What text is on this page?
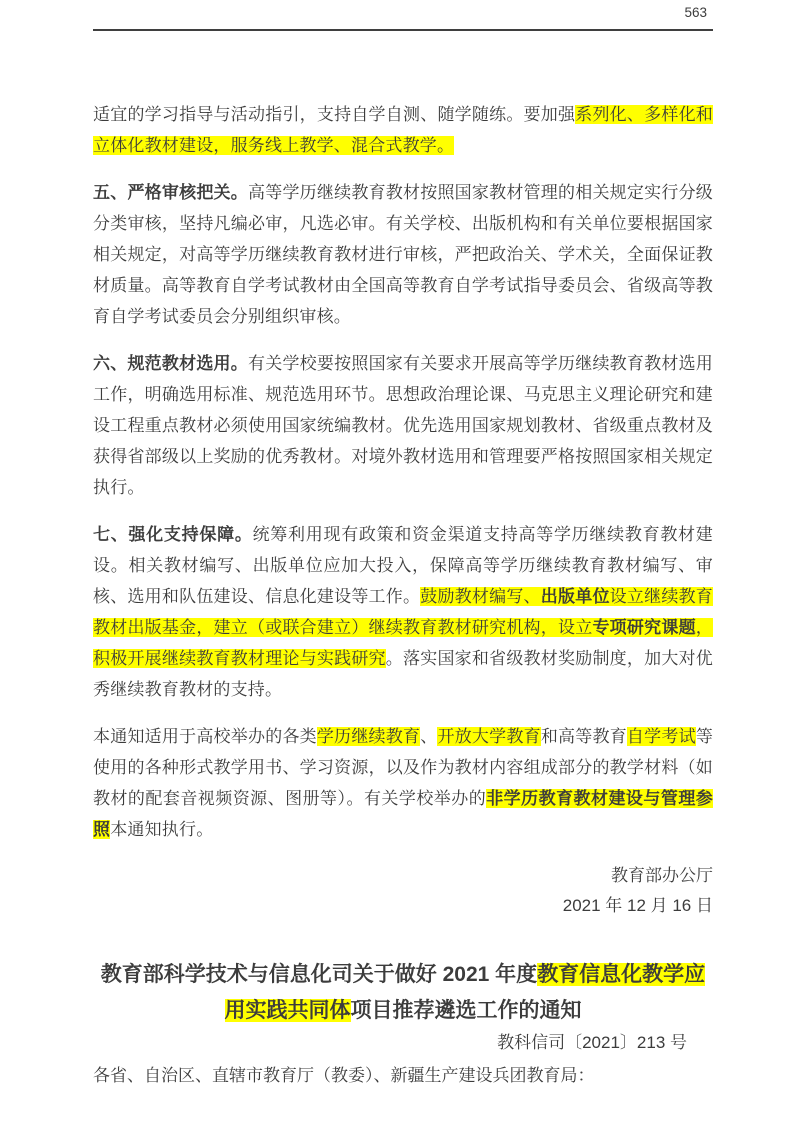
563

适宜的学习指导与活动指引，支持自学自测、随学随练。要加强系列化、多样化和立体化教材建设，服务线上教学、混合式教学。

五、严格审核把关。高等学历继续教育教材按照国家教材管理的相关规定实行分级分类审核，坚持凡编必审，凡选必审。有关学校、出版机构和有关单位要根据国家相关规定，对高等学历继续教育教材进行审核，严把政治关、学术关，全面保证教材质量。高等教育自学考试教材由全国高等教育自学考试指导委员会、省级高等教育自学考试委员会分别组织审核。

六、规范教材选用。有关学校要按照国家有关要求开展高等学历继续教育教材选用工作，明确选用标准、规范选用环节。思想政治理论课、马克思主义理论研究和建设工程重点教材必须使用国家统编教材。优先选用国家规划教材、省级重点教材及获得省部级以上奖励的优秀教材。对境外教材选用和管理要严格按照国家相关规定执行。

七、强化支持保障。统筹利用现有政策和资金渠道支持高等学历继续教育教材建设。相关教材编写、出版单位应加大投入，保障高等学历继续教育教材编写、审核、选用和队伍建设、信息化建设等工作。鼓励教材编写、出版单位设立继续教育教材出版基金，建立（或联合建立）继续教育教材研究机构，设立专项研究课题，积极开展继续教育教材理论与实践研究。落实国家和省级教材奖励制度，加大对优秀继续教育教材的支持。

本通知适用于高校举办的各类学历继续教育、开放大学教育和高等教育自学考试等使用的各种形式教学用书、学习资源，以及作为教材内容组成部分的教学材料（如教材的配套音视频资源、图册等）。有关学校举办的非学历教育教材建设与管理参照本通知执行。

教育部办公厅

2021 年 12 月 16 日

教育部科学技术与信息化司关于做好 2021 年度教育信息化教学应用实践共同体项目推荐遴选工作的通知

教科信司〔2021〕213 号

各省、自治区、直辖市教育厅（教委）、新疆生产建设兵团教育局：
